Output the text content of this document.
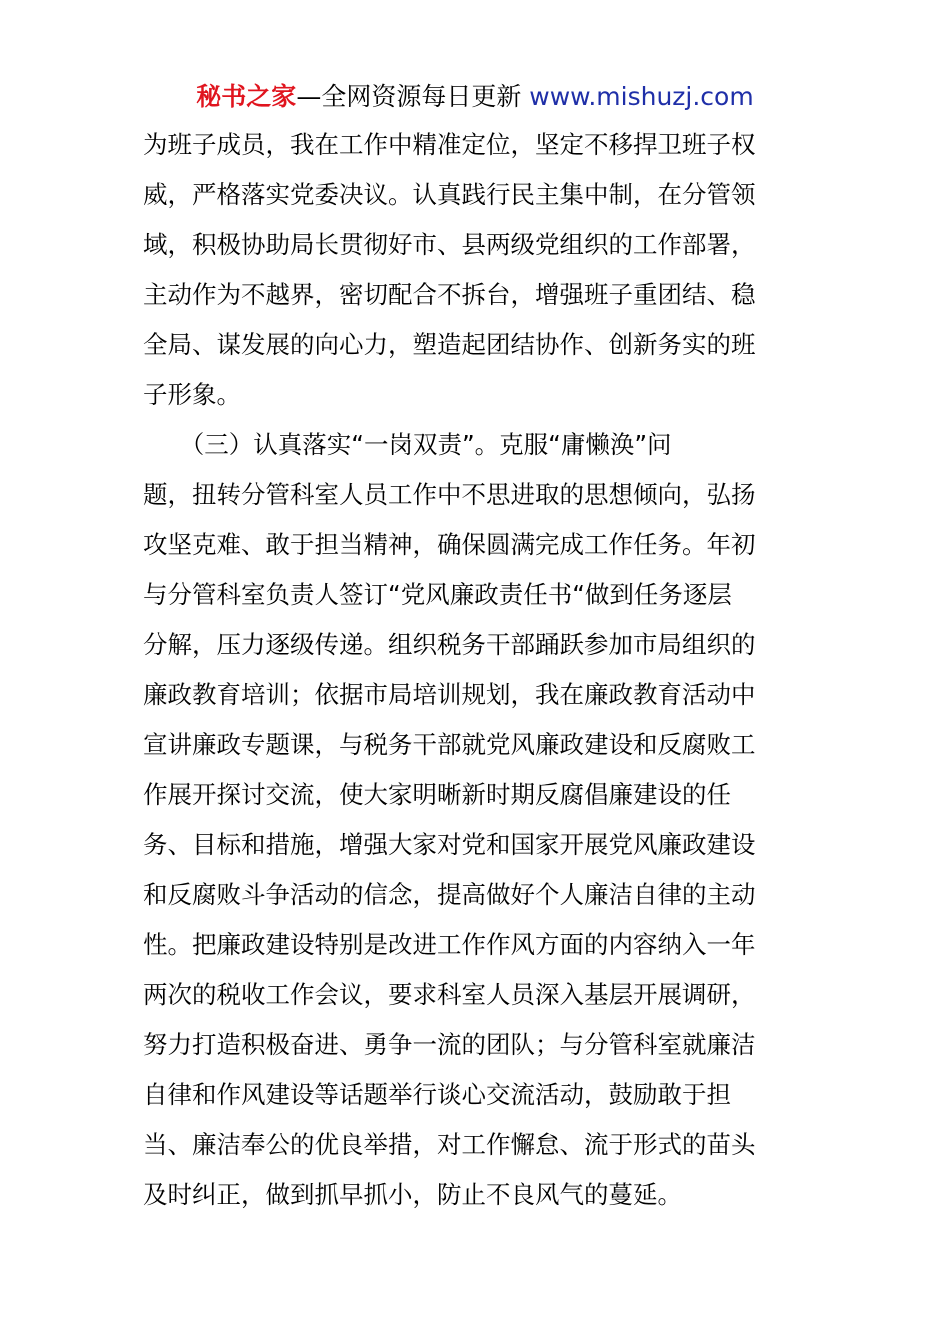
秘书之家—全网资源每日更新 www.mishuzj.com
为班子成员，我在工作中精准定位，坚定不移捍卫班子权
威，严格落实党委决议。认真践行民主集中制，在分管领
域，积极协助局长贯彻好市、县两级党组织的工作部署，
主动作为不越界，密切配合不拆台，增强班子重团结、稳
全局、谋发展的向心力，塑造起团结协作、创新务实的班
子形象。
　　（三）认真落实“一岗双责”。克服“庸懒涣”问
题，扭转分管科室人员工作中不思进取的思想倾向，弘扬
攻坚克难、敢于担当精神，确保圆满完成工作任务。年初
与分管科室负责人签订“党风廉政责任书“做到任务逐层
分解，压力逐级传递。组织税务干部踊跃参加市局组织的
廉政教育培训；依据市局培训规划，我在廉政教育活动中
宣讲廉政专题课，与税务干部就党风廉政建设和反腐败工
作展开探讨交流，使大家明晰新时期反腐倡廉建设的任
务、目标和措施，增强大家对党和国家开展党风廉政建设
和反腐败斗争活动的信念，提高做好个人廉洁自律的主动
性。把廉政建设特别是改进工作作风方面的内容纳入一年
两次的税收工作会议，要求科室人员深入基层开展调研，
努力打造积极奋进、勇争一流的团队；与分管科室就廉洁
自律和作风建设等话题举行谈心交流活动，鼓励敢于担
当、廉洁奉公的优良举措，对工作懈怠、流于形式的苗头
及时纠正，做到抓早抓小，防止不良风气的蔓延。
